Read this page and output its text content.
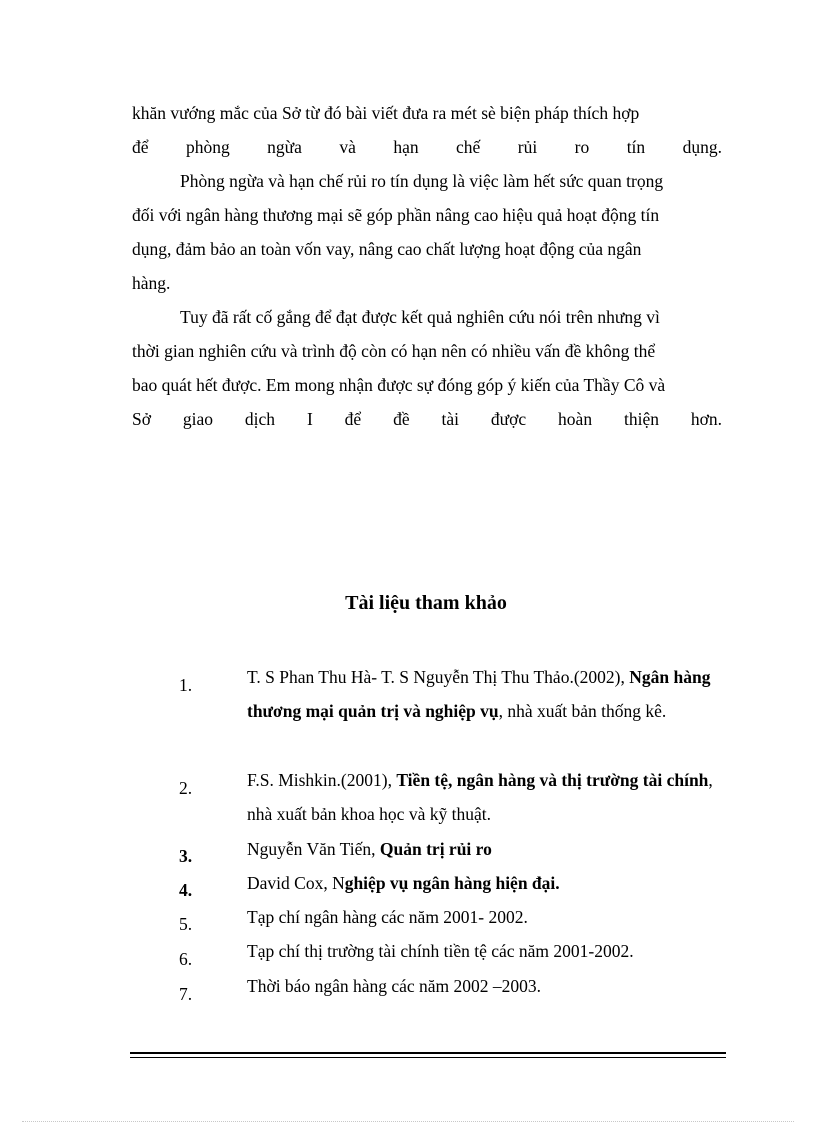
khăn vướng mắc của Sở từ đó bài viết đưa ra mét sè biện pháp thích hợp
để phòng ngừa và hạn chế rủi ro tín dụng.
Phòng ngừa và hạn chế rủi ro tín dụng là việc làm hết sức quan trọng
đối với ngân hàng thương mại sẽ góp phần nâng cao hiệu quả hoạt động tín
dụng, đảm bảo an toàn vốn vay, nâng cao chất lượng hoạt động của ngân
hàng.
Tuy đã rất cố gắng để đạt được kết quả nghiên cứu nói trên nhưng vì
thời gian nghiên cứu và trình độ còn có hạn nên có nhiều vấn đề không thể
bao quát hết được. Em mong nhận được sự đóng góp ý kiến của Thầy Cô và
Sở giao dịch I để đề tài được hoàn thiện hơn.
Tài liệu tham khảo
1.	T. S Phan Thu Hà- T. S Nguyễn Thị Thu Thảo.(2002), Ngân hàng thương mại quản trị và nghiệp vụ, nhà xuất bản thống kê.
2.	F.S. Mishkin.(2001), Tiền tệ, ngân hàng và thị trường tài chính, nhà xuất bản khoa học và kỹ thuật.
3.	Nguyễn Văn Tiến, Quản trị rủi ro
4.	David Cox, Nghiệp vụ ngân hàng hiện đại.
5.	Tạp chí ngân hàng các năm 2001- 2002.
6.	Tạp chí thị trường tài chính tiền tệ các năm 2001-2002.
7.	Thời báo ngân hàng các năm 2002 –2003.
